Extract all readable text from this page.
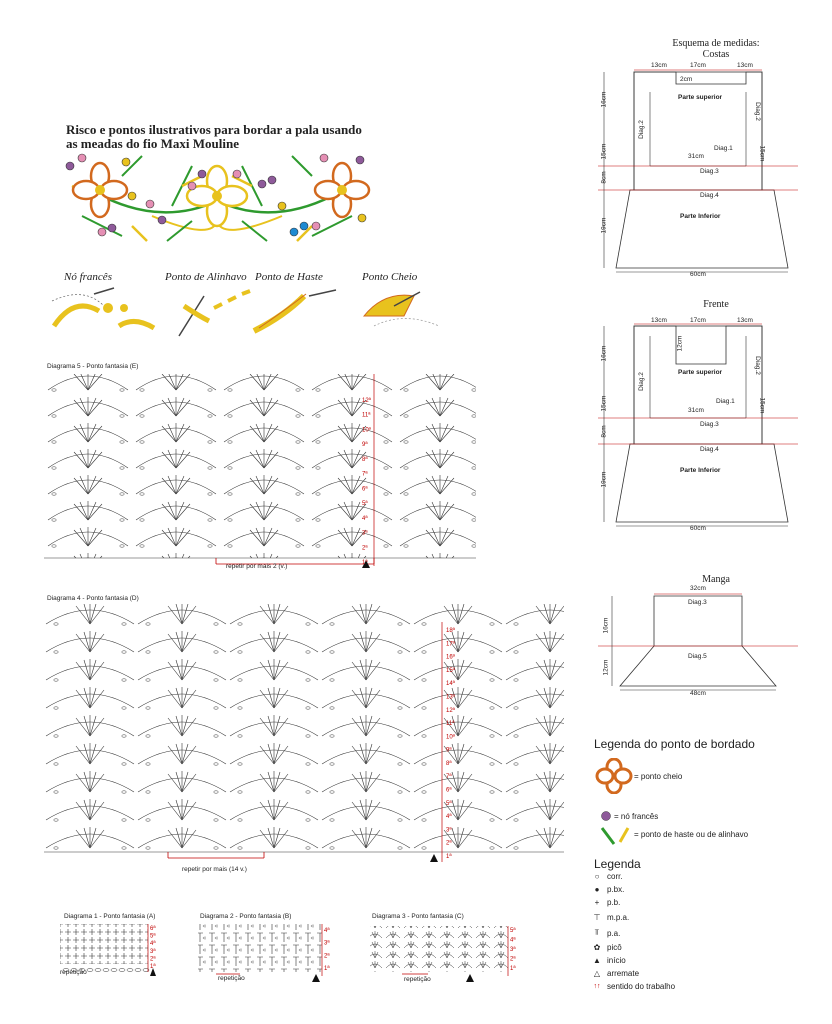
Risco e pontos ilustrativos para bordar a pala usando
as meadas do fio Maxi Mouline
Nó francês	Ponto de Alinhavo Ponto de Haste	Ponto Cheio
Diagrama 5 - Ponto fantasia (E)
12ª
11ª
10ª
9ª
8ª
7ª
6ª
5ª
4ª
3ª
2ª
1ª
repetir por mais 2 (v.)
Diagrama 4 - Ponto fantasia (D)
18ª
17ª
16ª
15ª
14ª
13ª
12ª
11ª
10ª
9ª
8ª
7ª
6ª
5ª
4ª
3ª
2ª
1ª
repetir por mais (14 v.)
Diagrama 1 - Ponto fantasia (A)
6ª
5ª
4ª
3ª
2ª
1ª
repetição
Diagrama 2 - Ponto fantasia (B)
4ª
3ª
2ª
1ª
repetição
Diagrama 3 - Ponto fantasia (C)
5ª
4ª
3ª
2ª
1ª
repetição
Esquema de medidas:
Costas
13cm	17cm	13cm
2cm
Parte superior
31cm
Diag.1
Diag.3
Diag.4
Parte Inferior
60cm
16cm
15cm
8cm
19cm
Diag.2
Diag.2
15cm
Frente
13cm	17cm	13cm
12cm
Parte superior
Diag.1
31cm
Diag.3
Diag.4
Parte Inferior
60cm
16cm
15cm
8cm
19cm
Diag.2
Diag.2
15cm
Manga
32cm
Diag.3
Diag.5
48cm
16cm
12cm
Legenda do ponto de bordado
= ponto cheio
= nó francês
= ponto de haste ou de alinhavo
Legenda
○ corr.
● p.bx.
+ p.b.
⊤ m.p.a.
⫪ p.a.
✿ picô
▲ início
△ arremate
↑↑ sentido do trabalho
